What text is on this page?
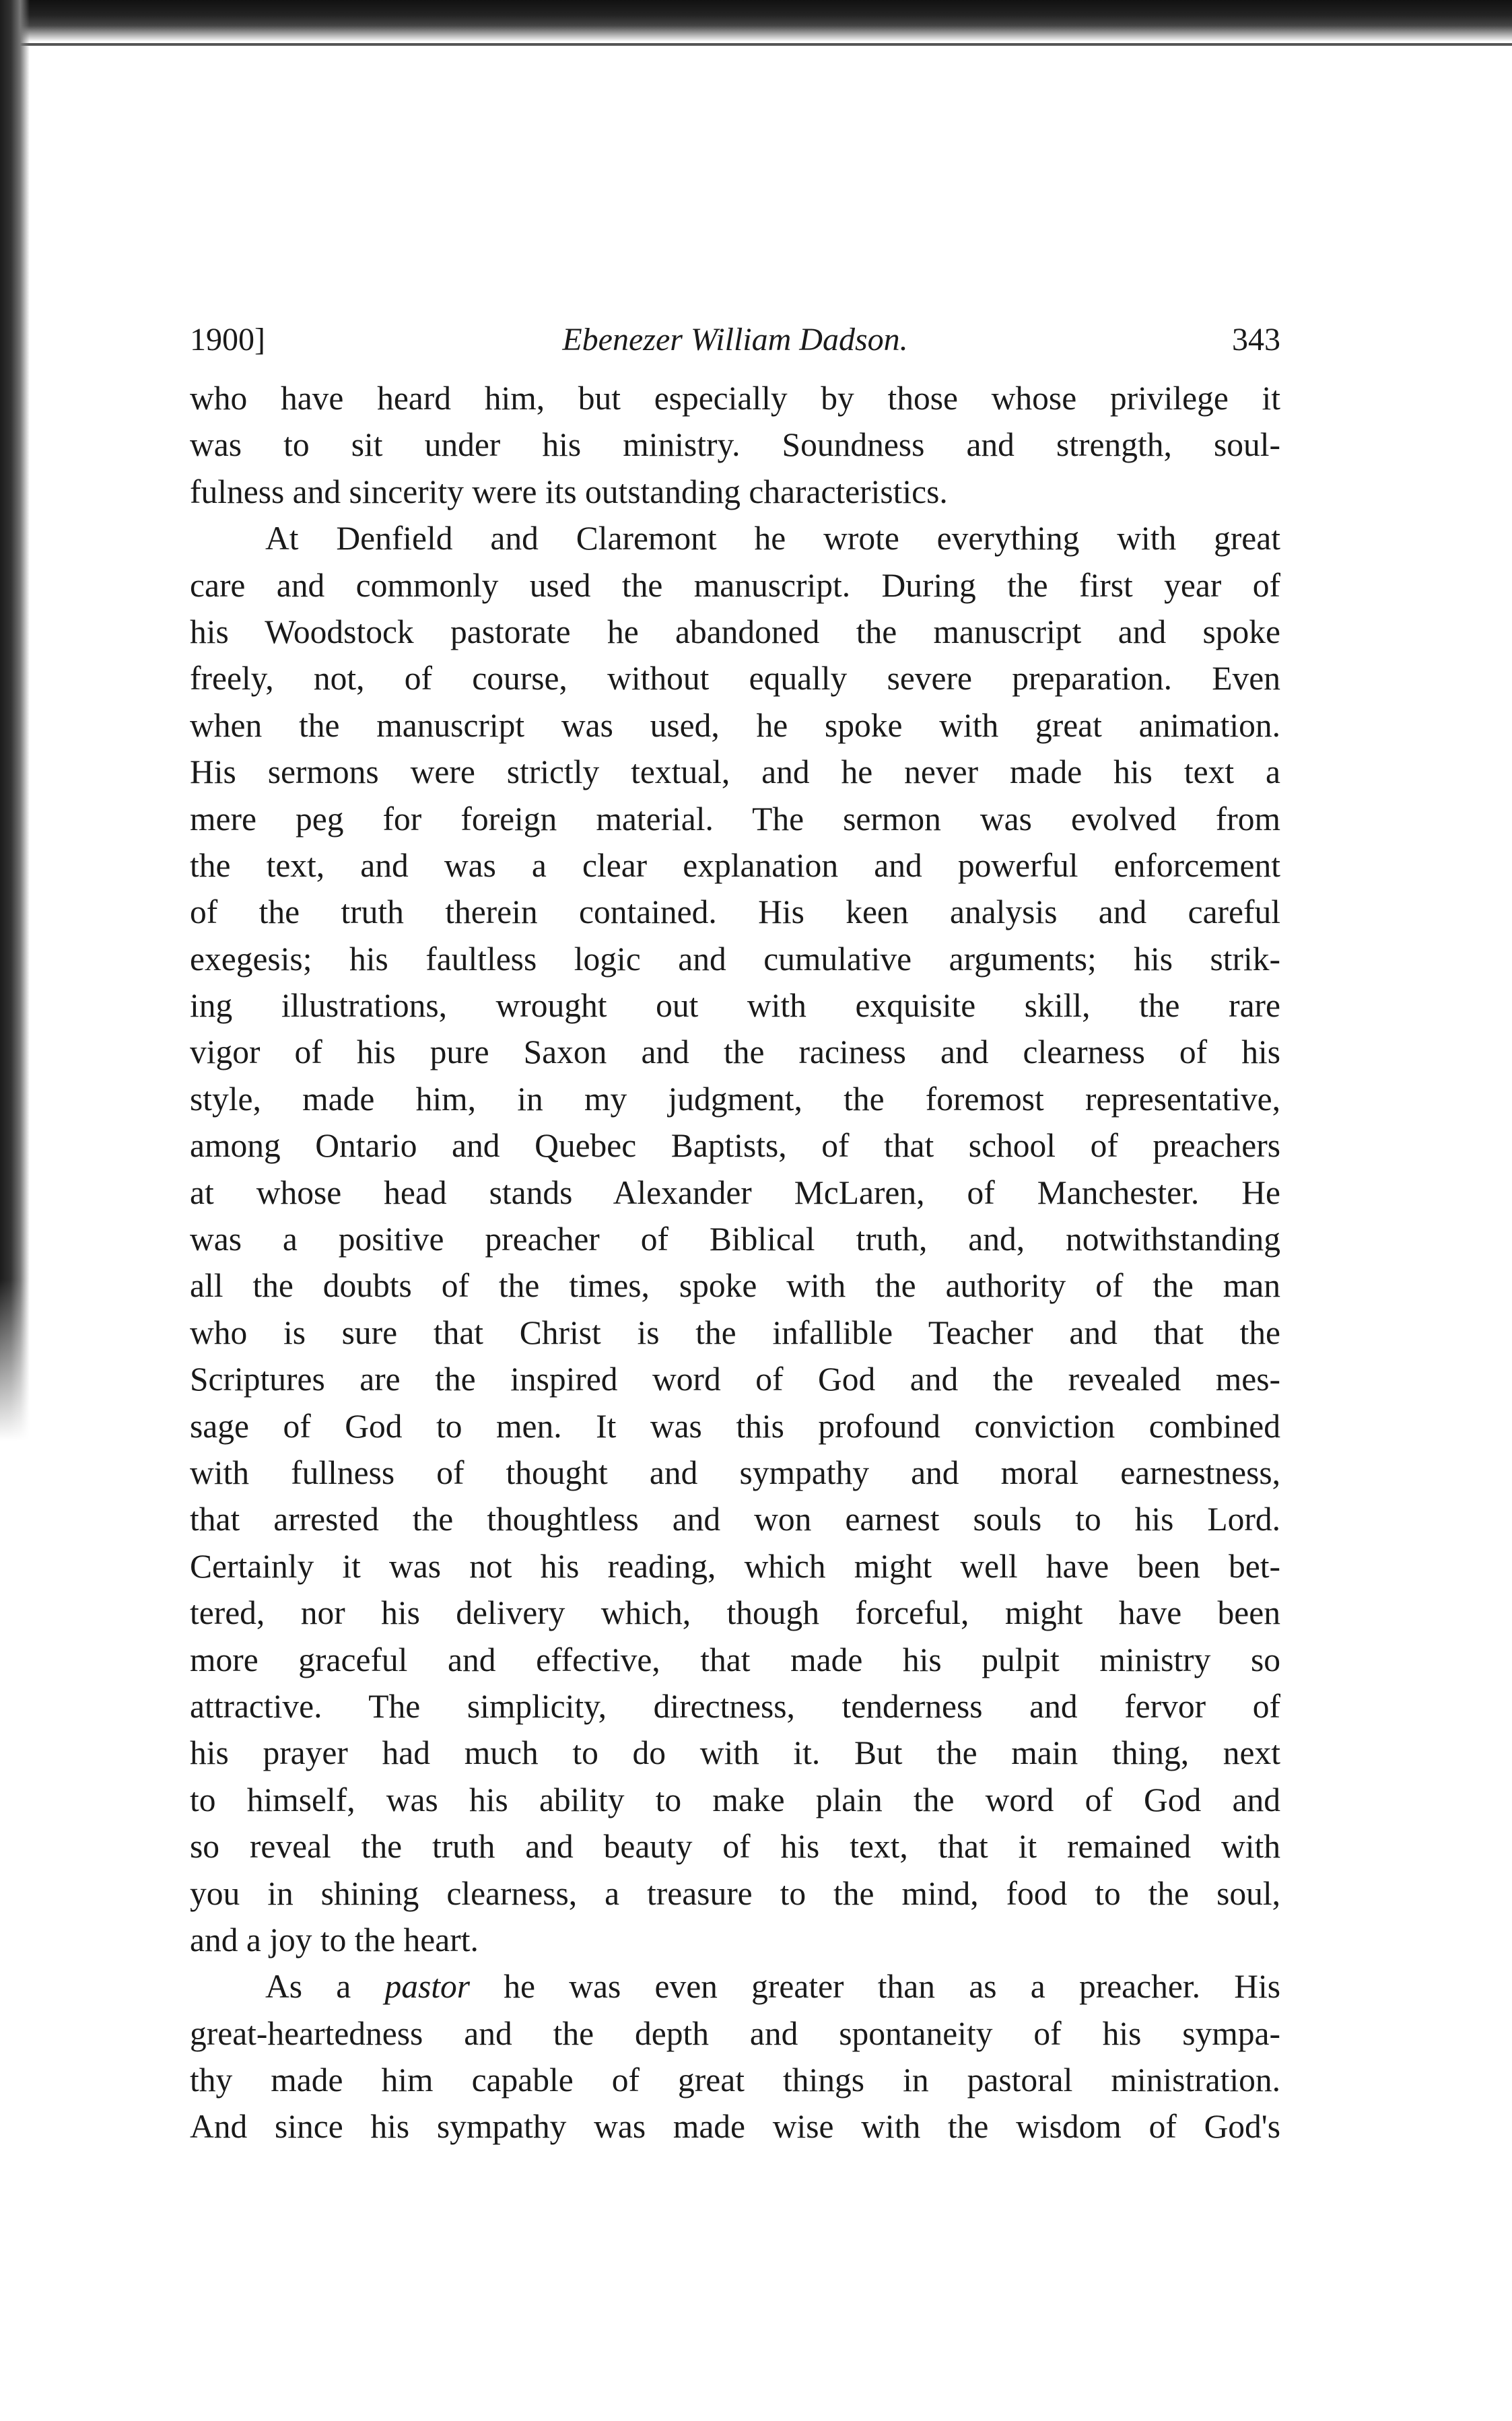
1900]	Ebenezer William Dadson.	343
who have heard him, but especially by those whose privilege it
was to sit under his ministry. Soundness and strength, soul-
fulness and sincerity were its outstanding characteristics.
At Denfield and Claremont he wrote everything with great
care and commonly used the manuscript. During the first year of
his Woodstock pastorate he abandoned the manuscript and spoke
freely, not, of course, without equally severe preparation. Even
when the manuscript was used, he spoke with great animation.
His sermons were strictly textual, and he never made his text a
mere peg for foreign material. The sermon was evolved from
the text, and was a clear explanation and powerful enforcement
of the truth therein contained. His keen analysis and careful
exegesis; his faultless logic and cumulative arguments; his strik-
ing illustrations, wrought out with exquisite skill, the rare
vigor of his pure Saxon and the raciness and clearness of his
style, made him, in my judgment, the foremost representative,
among Ontario and Quebec Baptists, of that school of preachers
at whose head stands Alexander McLaren, of Manchester. He
was a positive preacher of Biblical truth, and, notwithstanding
all the doubts of the times, spoke with the authority of the man
who is sure that Christ is the infallible Teacher and that the
Scriptures are the inspired word of God and the revealed mes-
sage of God to men. It was this profound conviction combined
with fullness of thought and sympathy and moral earnestness,
that arrested the thoughtless and won earnest souls to his Lord.
Certainly it was not his reading, which might well have been bet-
tered, nor his delivery which, though forceful, might have been
more graceful and effective, that made his pulpit ministry so
attractive. The simplicity, directness, tenderness and fervor of
his prayer had much to do with it. But the main thing, next
to himself, was his ability to make plain the word of God and
so reveal the truth and beauty of his text, that it remained with
you in shining clearness, a treasure to the mind, food to the soul,
and a joy to the heart.
As a pastor he was even greater than as a preacher. His
great-heartedness and the depth and spontaneity of his sympa-
thy made him capable of great things in pastoral ministration.
And since his sympathy was made wise with the wisdom of God's
